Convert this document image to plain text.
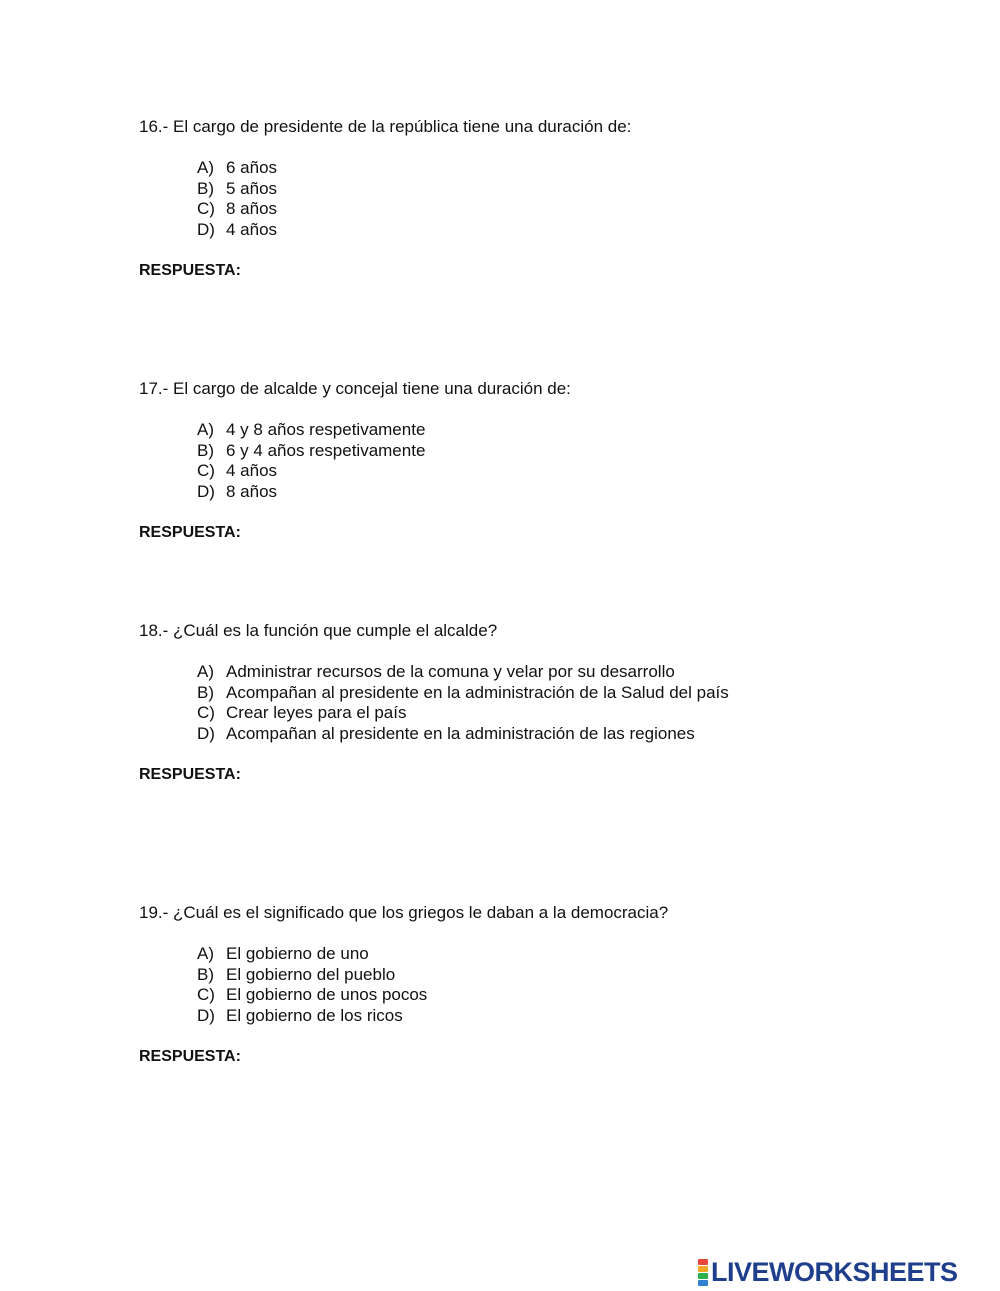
16.- El cargo de presidente de la república tiene una duración de:

A) 6 años
B) 5 años
C) 8 años
D) 4 años

RESPUESTA:

17.- El cargo de alcalde y concejal tiene una duración de:

A) 4 y 8 años respetivamente
B) 6 y 4 años respetivamente
C) 4 años
D) 8 años

RESPUESTA:

18.- ¿Cuál es la función que cumple el alcalde?

A) Administrar recursos de la comuna y velar por su desarrollo
B) Acompañan al presidente en la administración de la Salud del país
C) Crear leyes para el país
D) Acompañan al presidente en la administración de las regiones

RESPUESTA:

19.- ¿Cuál es el significado que los griegos le daban a la democracia?

A) El gobierno de uno
B) El gobierno del pueblo
C) El gobierno de unos pocos
D) El gobierno de los ricos

RESPUESTA:

LIVEWORKSHEETS
